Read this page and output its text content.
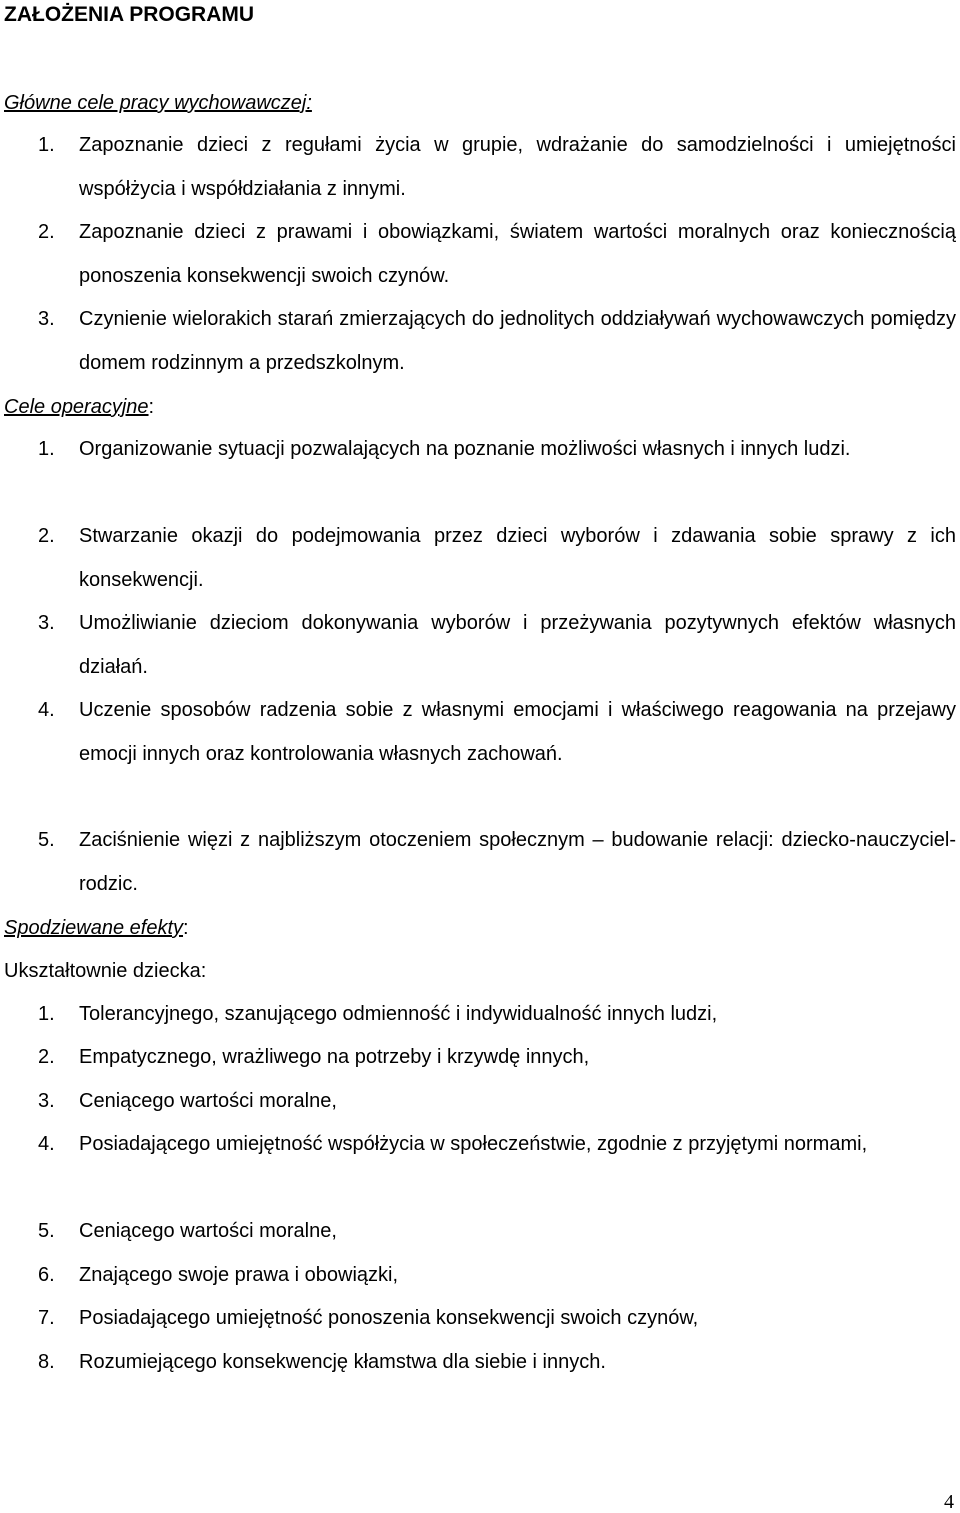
ZAŁOŻENIA PROGRAMU
Główne cele pracy wychowawczej:
1.	Zapoznanie dzieci z regułami życia w grupie, wdrażanie do samodzielności i umiejętności współżycia i współdziałania z innymi.
2.	Zapoznanie dzieci z prawami i obowiązkami, światem wartości moralnych oraz koniecznością ponoszenia konsekwencji swoich czynów.
3.	Czynienie wielorakich starań zmierzających do jednolitych oddziaływań wychowawczych pomiędzy domem rodzinnym a przedszkolnym.
Cele operacyjne:
1.	Organizowanie sytuacji pozwalających na poznanie możliwości własnych i innych ludzi.
2.	Stwarzanie okazji do podejmowania przez dzieci wyborów i zdawania sobie sprawy z ich konsekwencji.
3.	Umożliwianie dzieciom dokonywania wyborów i przeżywania pozytywnych efektów własnych działań.
4.	Uczenie sposobów radzenia sobie z własnymi emocjami i właściwego reagowania na przejawy emocji innych oraz kontrolowania własnych zachowań.
5.	Zaciśnienie więzi z najbliższym otoczeniem społecznym – budowanie relacji: dziecko-nauczyciel-rodzic.
Spodziewane efekty:
Ukształtownie dziecka:
1.	Tolerancyjnego, szanującego odmienność i indywidualność innych ludzi,
2.	Empatycznego, wrażliwego na potrzeby i krzywdę innych,
3.	Ceniącego wartości moralne,
4.	Posiadającego umiejętność współżycia w społeczeństwie, zgodnie z przyjętymi normami,
5.	Ceniącego wartości moralne,
6.	Znającego swoje prawa i obowiązki,
7.	Posiadającego umiejętność ponoszenia konsekwencji swoich czynów,
8.	Rozumiejącego konsekwencję kłamstwa dla siebie i innych.
4
